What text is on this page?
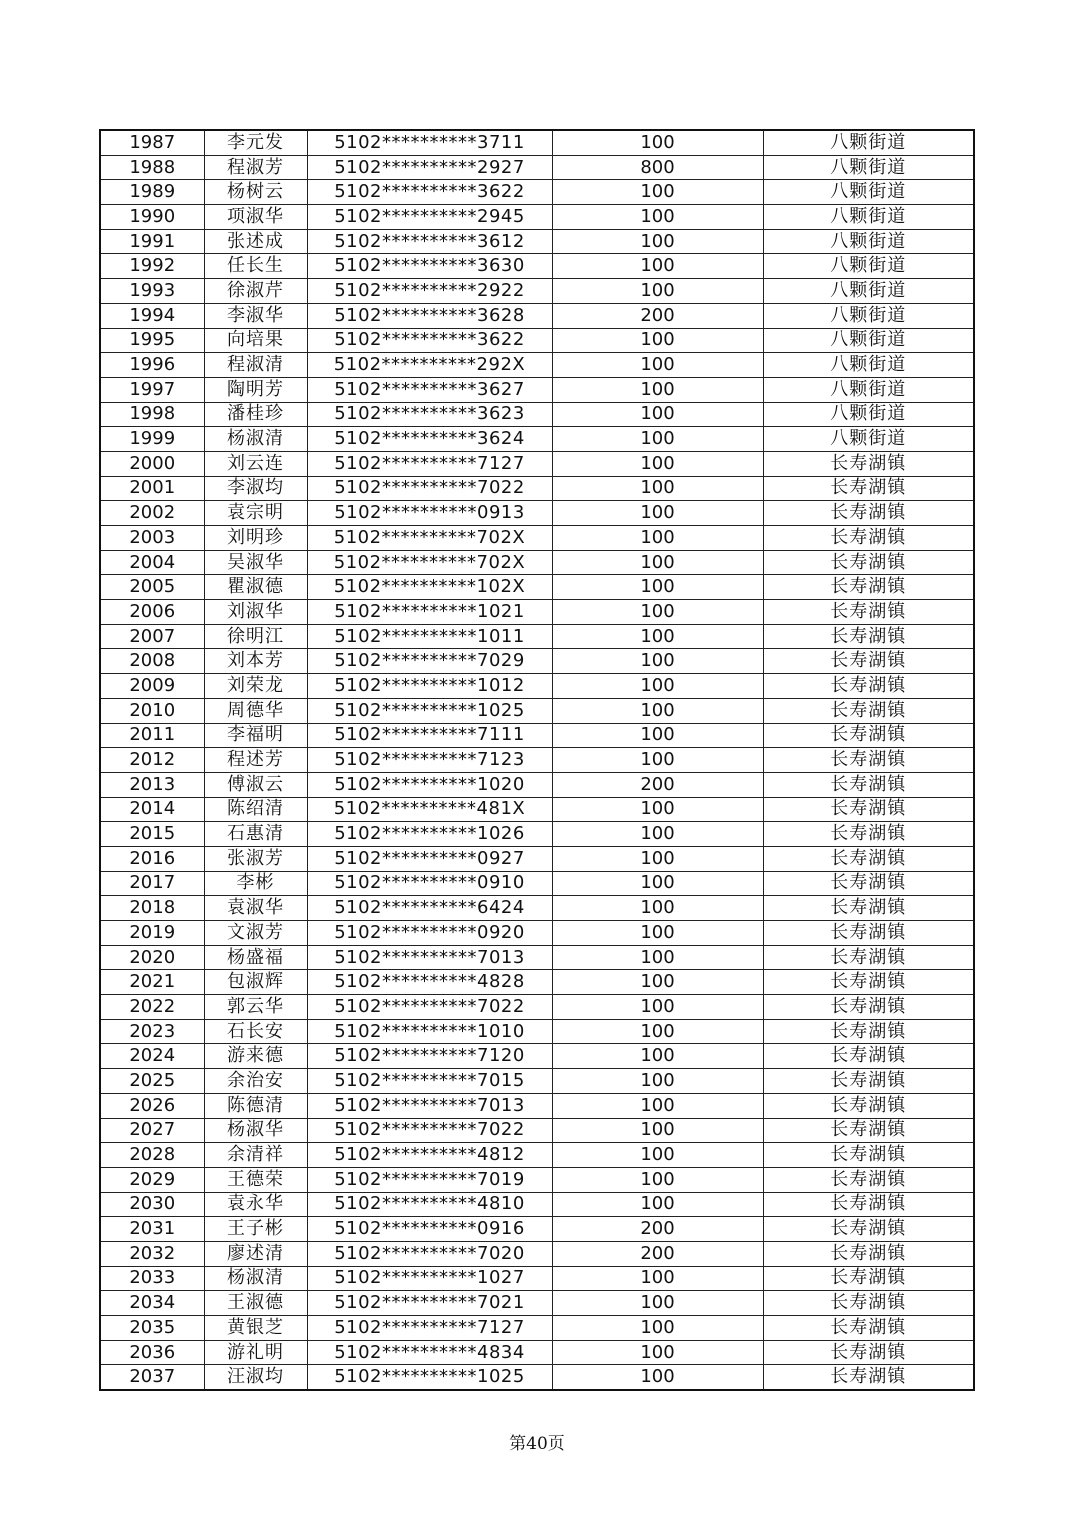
1987	李元发	5102**********3711	100	八颗街道
1988	程淑芳	5102**********2927	800	八颗街道
1989	杨树云	5102**********3622	100	八颗街道
1990	项淑华	5102**********2945	100	八颗街道
1991	张述成	5102**********3612	100	八颗街道
1992	任长生	5102**********3630	100	八颗街道
1993	徐淑芹	5102**********2922	100	八颗街道
1994	李淑华	5102**********3628	200	八颗街道
1995	向培果	5102**********3622	100	八颗街道
1996	程淑清	5102**********292X	100	八颗街道
1997	陶明芳	5102**********3627	100	八颗街道
1998	潘桂珍	5102**********3623	100	八颗街道
1999	杨淑清	5102**********3624	100	八颗街道
2000	刘云连	5102**********7127	100	长寿湖镇
2001	李淑均	5102**********7022	100	长寿湖镇
2002	袁宗明	5102**********0913	100	长寿湖镇
2003	刘明珍	5102**********702X	100	长寿湖镇
2004	吴淑华	5102**********702X	100	长寿湖镇
2005	瞿淑德	5102**********102X	100	长寿湖镇
2006	刘淑华	5102**********1021	100	长寿湖镇
2007	徐明江	5102**********1011	100	长寿湖镇
2008	刘本芳	5102**********7029	100	长寿湖镇
2009	刘荣龙	5102**********1012	100	长寿湖镇
2010	周德华	5102**********1025	100	长寿湖镇
2011	李福明	5102**********7111	100	长寿湖镇
2012	程述芳	5102**********7123	100	长寿湖镇
2013	傅淑云	5102**********1020	200	长寿湖镇
2014	陈绍清	5102**********481X	100	长寿湖镇
2015	石惠清	5102**********1026	100	长寿湖镇
2016	张淑芳	5102**********0927	100	长寿湖镇
2017	李彬	5102**********0910	100	长寿湖镇
2018	袁淑华	5102**********6424	100	长寿湖镇
2019	文淑芳	5102**********0920	100	长寿湖镇
2020	杨盛福	5102**********7013	100	长寿湖镇
2021	包淑辉	5102**********4828	100	长寿湖镇
2022	郭云华	5102**********7022	100	长寿湖镇
2023	石长安	5102**********1010	100	长寿湖镇
2024	游来德	5102**********7120	100	长寿湖镇
2025	余治安	5102**********7015	100	长寿湖镇
2026	陈德清	5102**********7013	100	长寿湖镇
2027	杨淑华	5102**********7022	100	长寿湖镇
2028	余清祥	5102**********4812	100	长寿湖镇
2029	王德荣	5102**********7019	100	长寿湖镇
2030	袁永华	5102**********4810	100	长寿湖镇
2031	王子彬	5102**********0916	200	长寿湖镇
2032	廖述清	5102**********7020	200	长寿湖镇
2033	杨淑清	5102**********1027	100	长寿湖镇
2034	王淑德	5102**********7021	100	长寿湖镇
2035	黄银芝	5102**********7127	100	长寿湖镇
2036	游礼明	5102**********4834	100	长寿湖镇
2037	汪淑均	5102**********1025	100	长寿湖镇
第40页
